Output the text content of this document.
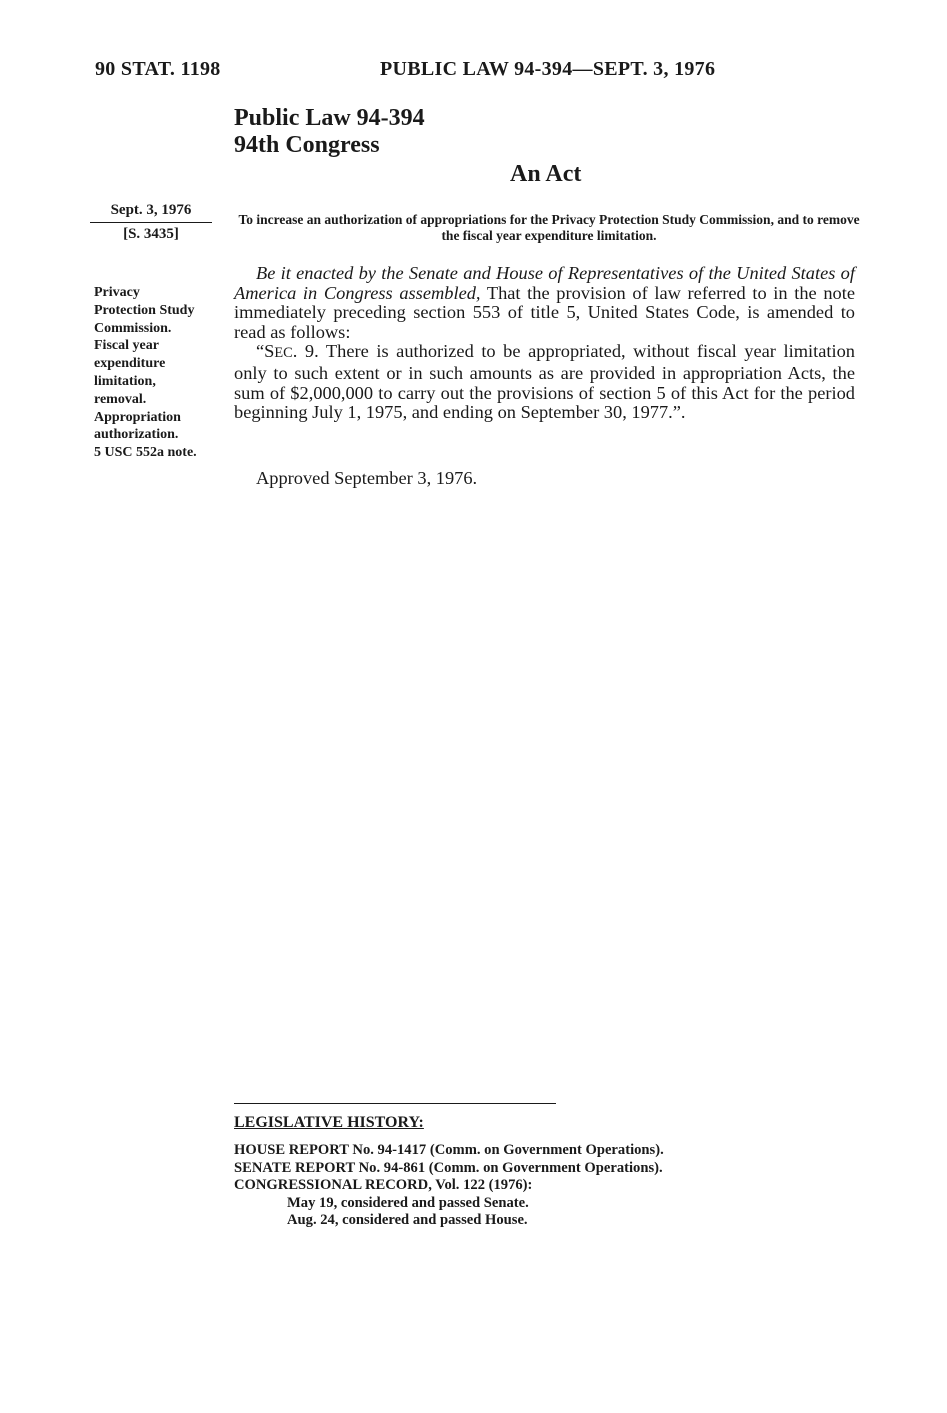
90 STAT. 1198	PUBLIC LAW 94-394—SEPT. 3, 1976
Public Law 94-394
94th Congress
An Act
Sept. 3, 1976
[S. 3435]
To increase an authorization of appropriations for the Privacy Protection Study Commission, and to remove the fiscal year expenditure limitation.
Privacy
Protection Study
Commission.
Fiscal year
expenditure
limitation,
removal.
Appropriation
authorization.
5 USC 552a note.

Be it enacted by the Senate and House of Representatives of the United States of America in Congress assembled, That the provision of law referred to in the note immediately preceding section 553 of title 5, United States Code, is amended to read as follows:

“SEC. 9. There is authorized to be appropriated, without fiscal year limitation only to such extent or in such amounts as are provided in appropriation Acts, the sum of $2,000,000 to carry out the provisions of section 5 of this Act for the period beginning July 1, 1975, and ending on September 30, 1977.”.

Approved September 3, 1976.
LEGISLATIVE HISTORY:
HOUSE REPORT No. 94-1417 (Comm. on Government Operations).
SENATE REPORT No. 94-861 (Comm. on Government Operations).
CONGRESSIONAL RECORD, Vol. 122 (1976):
May 19, considered and passed Senate.
Aug. 24, considered and passed House.
